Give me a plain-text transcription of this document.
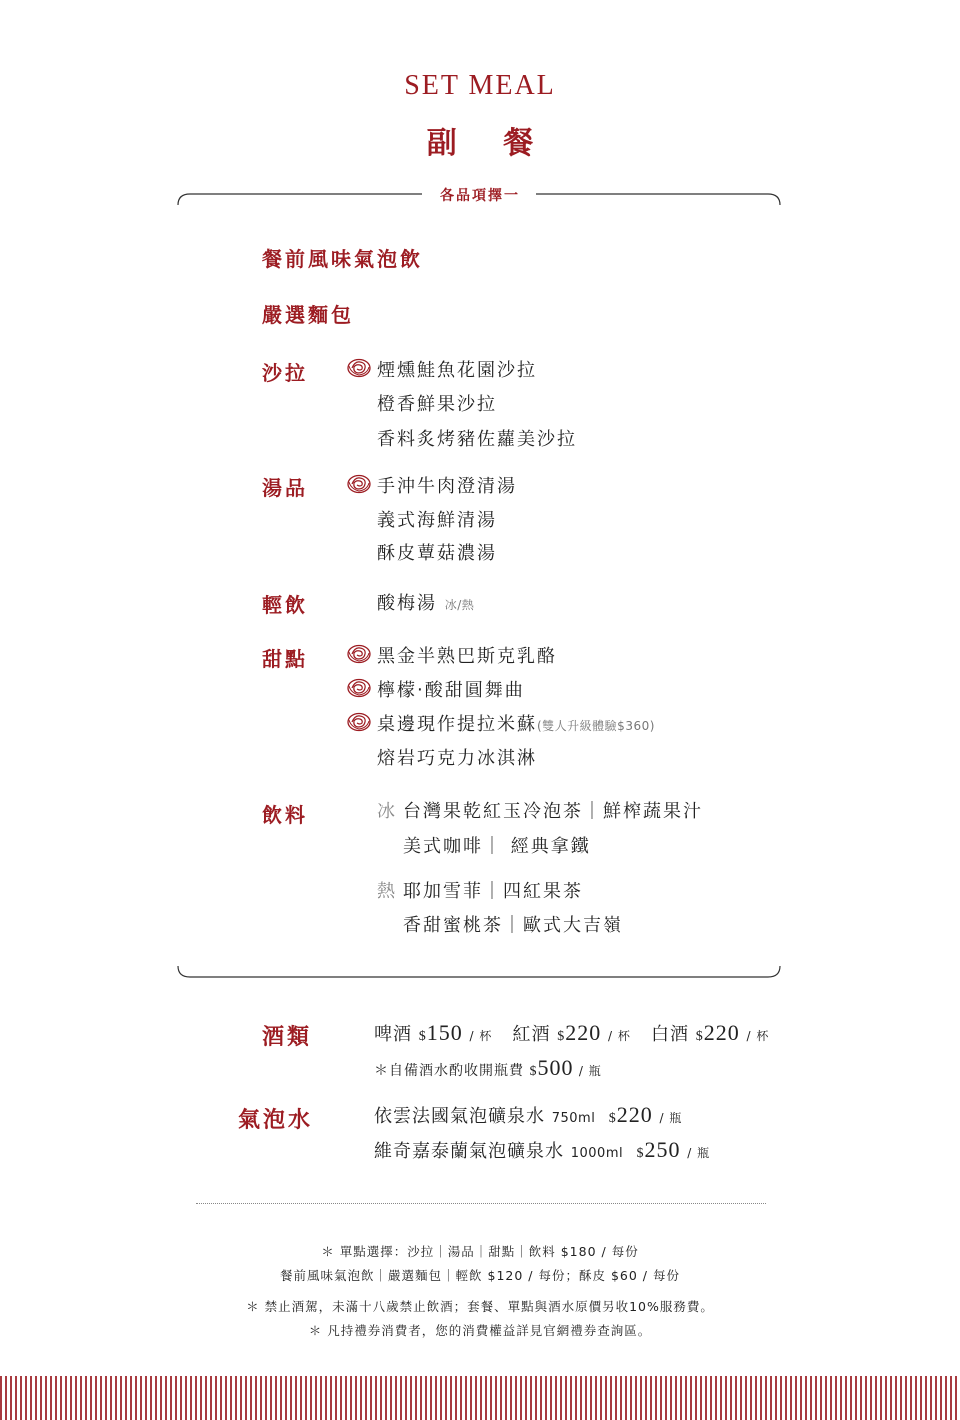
SET MEAL
副 餐
各品項擇一
餐前風味氣泡飲
嚴選麵包
沙拉	煙燻鮭魚花園沙拉
橙香鮮果沙拉
香料炙烤豬佐蘿美沙拉
湯品	手沖牛肉澄清湯
義式海鮮清湯
酥皮蕈菇濃湯
輕飲	酸梅湯 冰/熱
甜點	黑金半熟巴斯克乳酪
檸檬‧酸甜圓舞曲
桌邊現作提拉米蘇(雙人升級體驗$360)
熔岩巧克力冰淇淋
飲料	冰 台灣果乾紅玉冷泡茶｜鮮榨蔬果汁
美式咖啡｜ 經典拿鐵
熱 耶加雪菲｜四紅果茶
香甜蜜桃茶｜歐式大吉嶺
酒類	啤酒 $150 / 杯 紅酒 $220 / 杯 白酒 $220 / 杯
＊自備酒水酌收開瓶費 $500 / 瓶
氣泡水	依雲法國氣泡礦泉水 750ml $220 / 瓶
維奇嘉泰蘭氣泡礦泉水 1000ml $250 / 瓶
＊ 單點選擇：沙拉｜湯品｜甜點｜飲料 $180 / 每份
餐前風味氣泡飲｜嚴選麵包｜輕飲 $120 / 每份；酥皮 $60 / 每份
＊ 禁止酒駕，未滿十八歲禁止飲酒；套餐、單點與酒水原價另收10%服務費。
＊ 凡持禮券消費者，您的消費權益詳見官網禮券查詢區。
